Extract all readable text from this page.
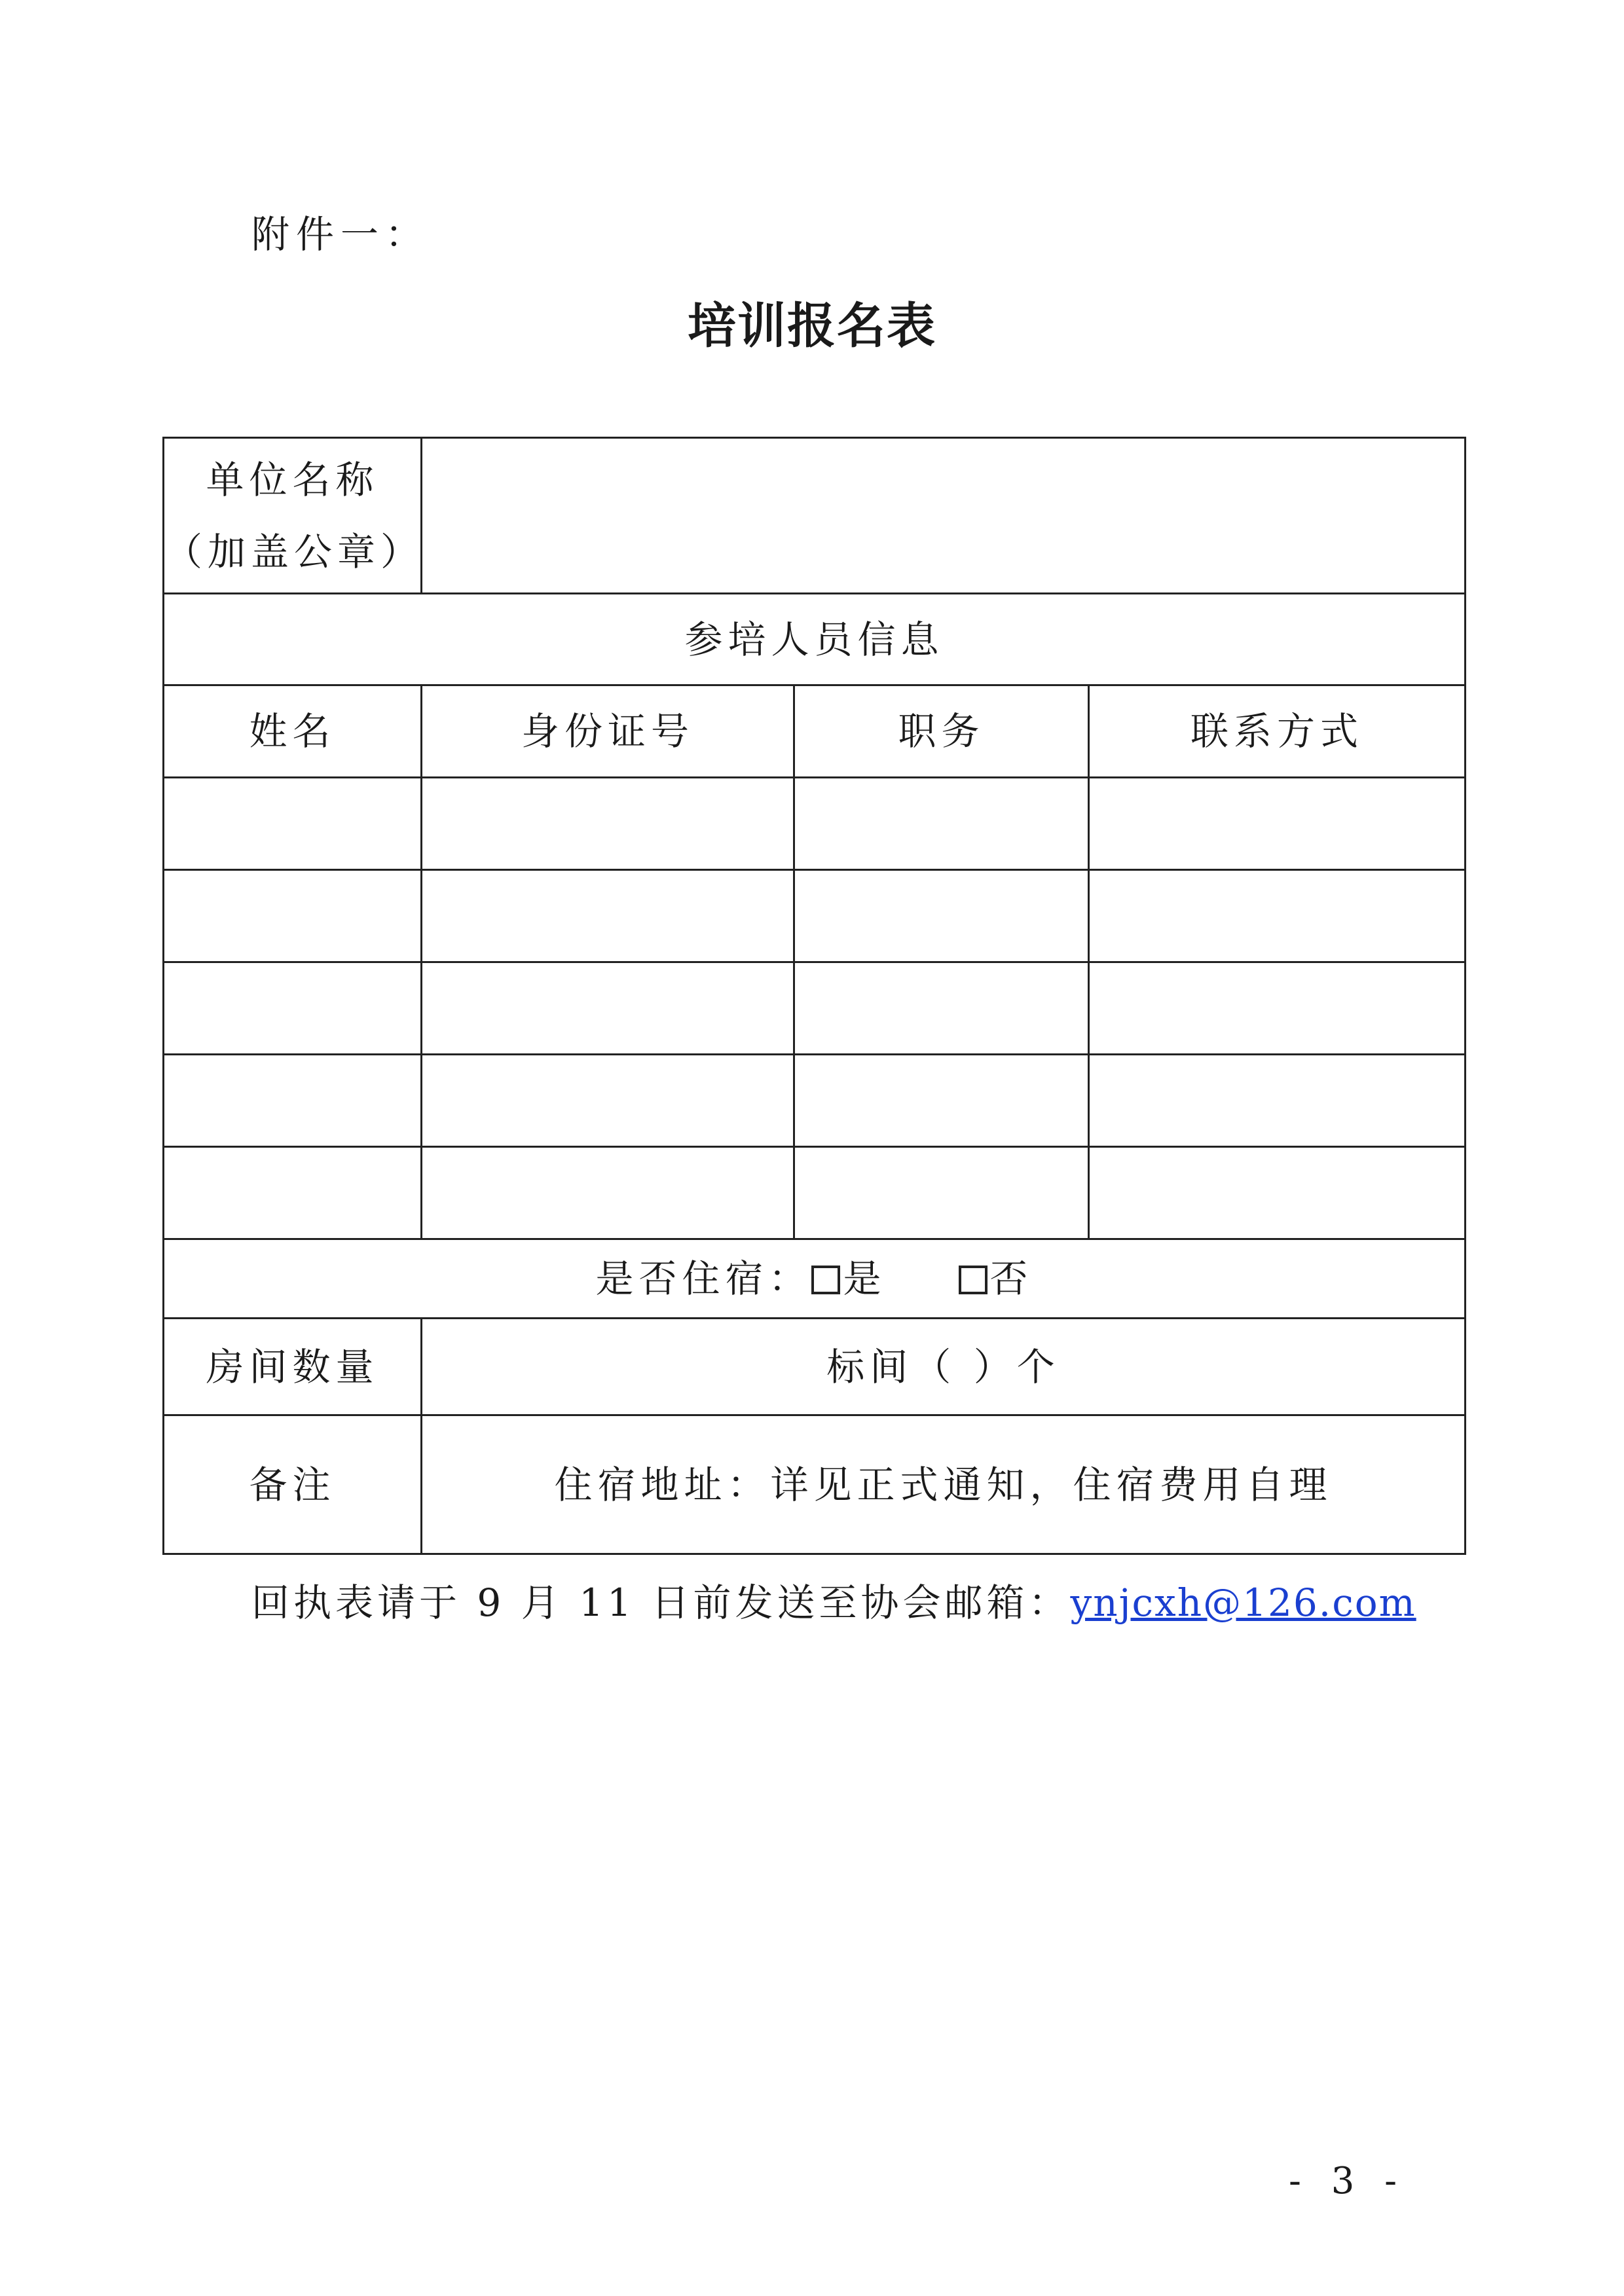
附件一：
培训报名表
单位名称
（加盖公章）			

参培人员信息			
姓名	身份证号	职务	联系方式

是否住宿： 是 否			
房间数量	标间（ ）个		
备注	住宿地址：详见正式通知，住宿费用自理		
回执表请于 9 月 11 日前发送至协会邮箱：ynjcxh@126.com
- 3 -
